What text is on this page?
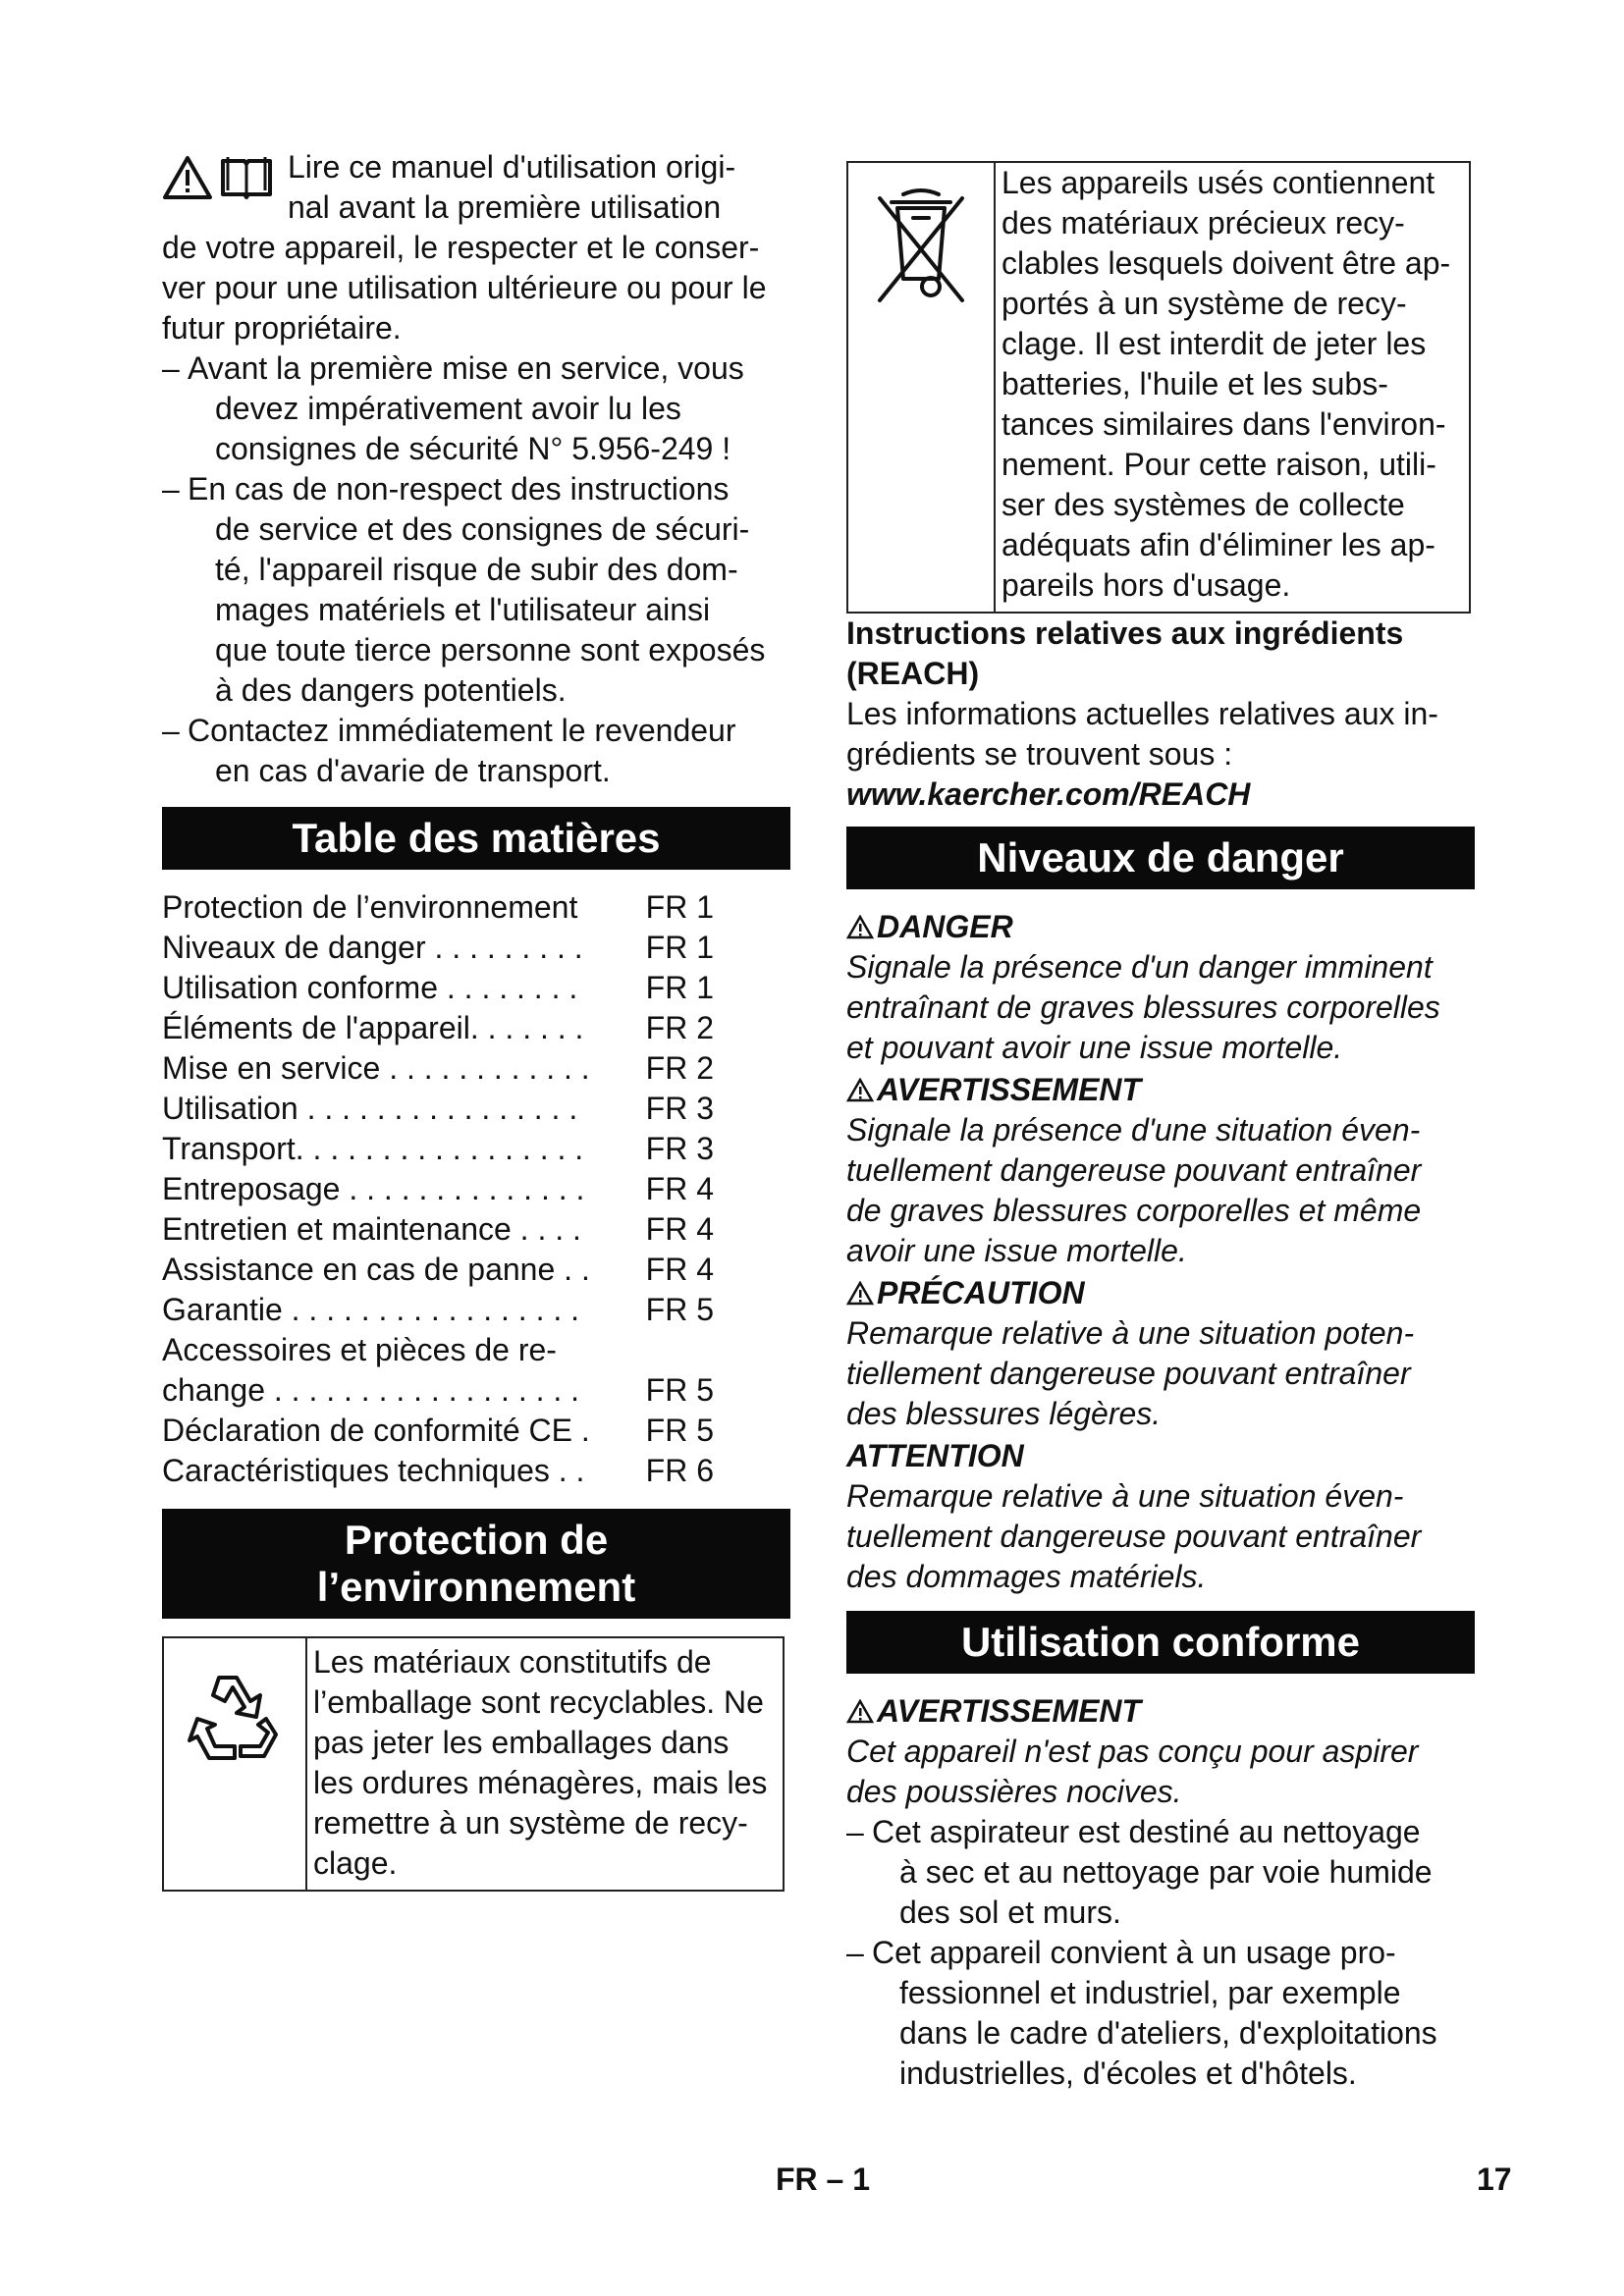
Lire ce manuel d'utilisation origi-
nal avant la première utilisation

de votre appareil, le respecter et le conser-

ver pour une utilisation ultérieure ou pour le

futur propriétaire.

– Avant la première mise en service, vous

devez impérativement avoir lu les

consignes de sécurité N° 5.956-249 !

– En cas de non-respect des instructions

de service et des consignes de sécuri-

té, l'appareil risque de subir des dom-

mages matériels et l'utilisateur ainsi

que toute tierce personne sont exposés

à des dangers potentiels.

– Contactez immédiatement le revendeur

en cas d'avarie de transport.

Table des matières
Protection de l’environnement	FR 1
Niveaux de danger . . . . . . . . .	FR 1
Utilisation conforme . . . . . . . .	FR 1
Éléments de l'appareil. . . . . . .	FR 2
Mise en service . . . . . . . . . . . .	FR 2
Utilisation . . . . . . . . . . . . . . . .	FR 3
Transport. . . . . . . . . . . . . . . . .	FR 3
Entreposage . . . . . . . . . . . . . .	FR 4
Entretien et maintenance . . . .	FR 4
Assistance en cas de panne . .	FR 4
Garantie . . . . . . . . . . . . . . . . .	FR 5
Accessoires et pièces de re-
change . . . . . . . . . . . . . . . . . .	FR 5
Déclaration de conformité CE .	FR 5
Caractéristiques techniques . .	FR 6
Protection de
l’environnement
Les matériaux constitutifs de
l’emballage sont recyclables. Ne
pas jeter les emballages dans
les ordures ménagères, mais les
remettre à un système de recy-
clage.
Les appareils usés contiennent
des matériaux précieux recy-
clables lesquels doivent être ap-
portés à un système de recy-
clage. Il est interdit de jeter les
batteries, l'huile et les subs-
tances similaires dans l'environ-
nement. Pour cette raison, utili-
ser des systèmes de collecte
adéquats afin d'éliminer les ap-
pareils hors d'usage.
Instructions relatives aux ingrédients
(REACH)

Les informations actuelles relatives aux in-

grédients se trouvent sous :

www.kaercher.com/REACH
Niveaux de danger
DANGER
Signale la présence d'un danger imminent
entraînant de graves blessures corporelles
et pouvant avoir une issue mortelle.
AVERTISSEMENT
Signale la présence d'une situation éven-
tuellement dangereuse pouvant entraîner
de graves blessures corporelles et même
avoir une issue mortelle.
PRÉCAUTION
Remarque relative à une situation poten-
tiellement dangereuse pouvant entraîner
des blessures légères.
ATTENTION
Remarque relative à une situation éven-
tuellement dangereuse pouvant entraîner
des dommages matériels.
Utilisation conforme
AVERTISSEMENT
Cet appareil n'est pas conçu pour aspirer
des poussières nocives.

– Cet aspirateur est destiné au nettoyage

à sec et au nettoyage par voie humide

des sol et murs.

– Cet appareil convient à un usage pro-

fessionnel et industriel, par exemple

dans le cadre d'ateliers, d'exploitations

industrielles, d'écoles et d'hôtels.

FR – 1	17
